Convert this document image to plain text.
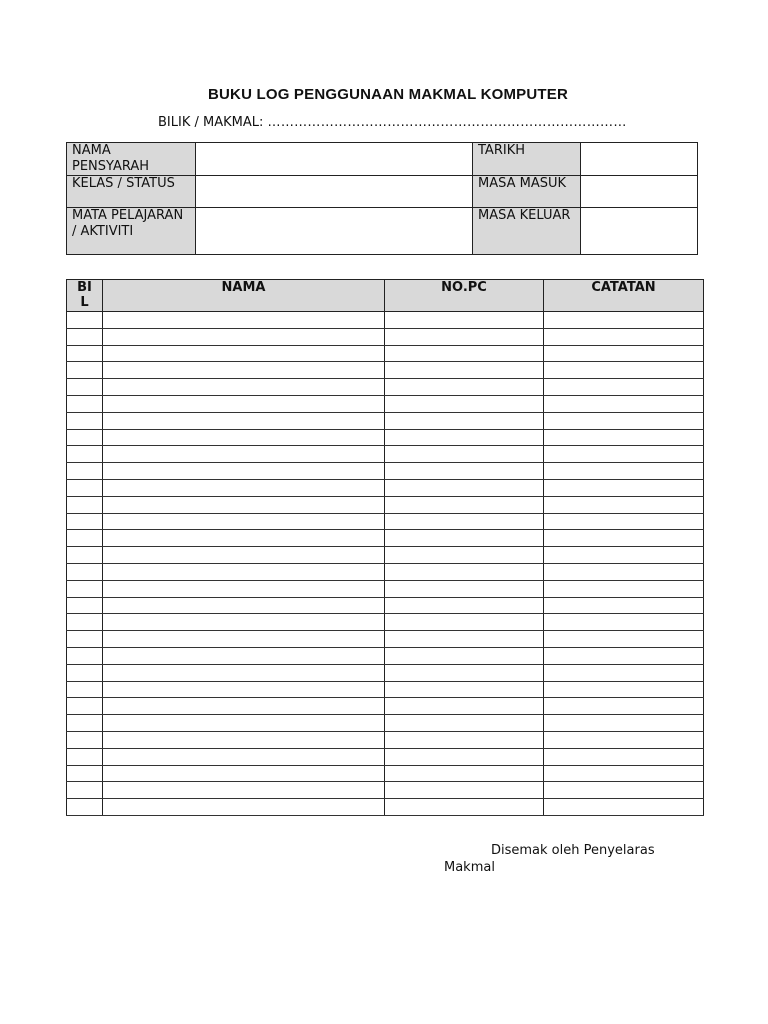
BUKU LOG PENGGUNAAN MAKMAL KOMPUTER
BILIK / MAKMAL: ………………………………………………………………………
NAMA PENSYARAH		TARIKH	
KELAS / STATUS		MASA MASUK	
MATA PELAJARAN / AKTIVITI		MASA KELUAR	
BI L	NAMA	NO.PC	CATATAN

Disemak oleh Penyelaras
Makmal
